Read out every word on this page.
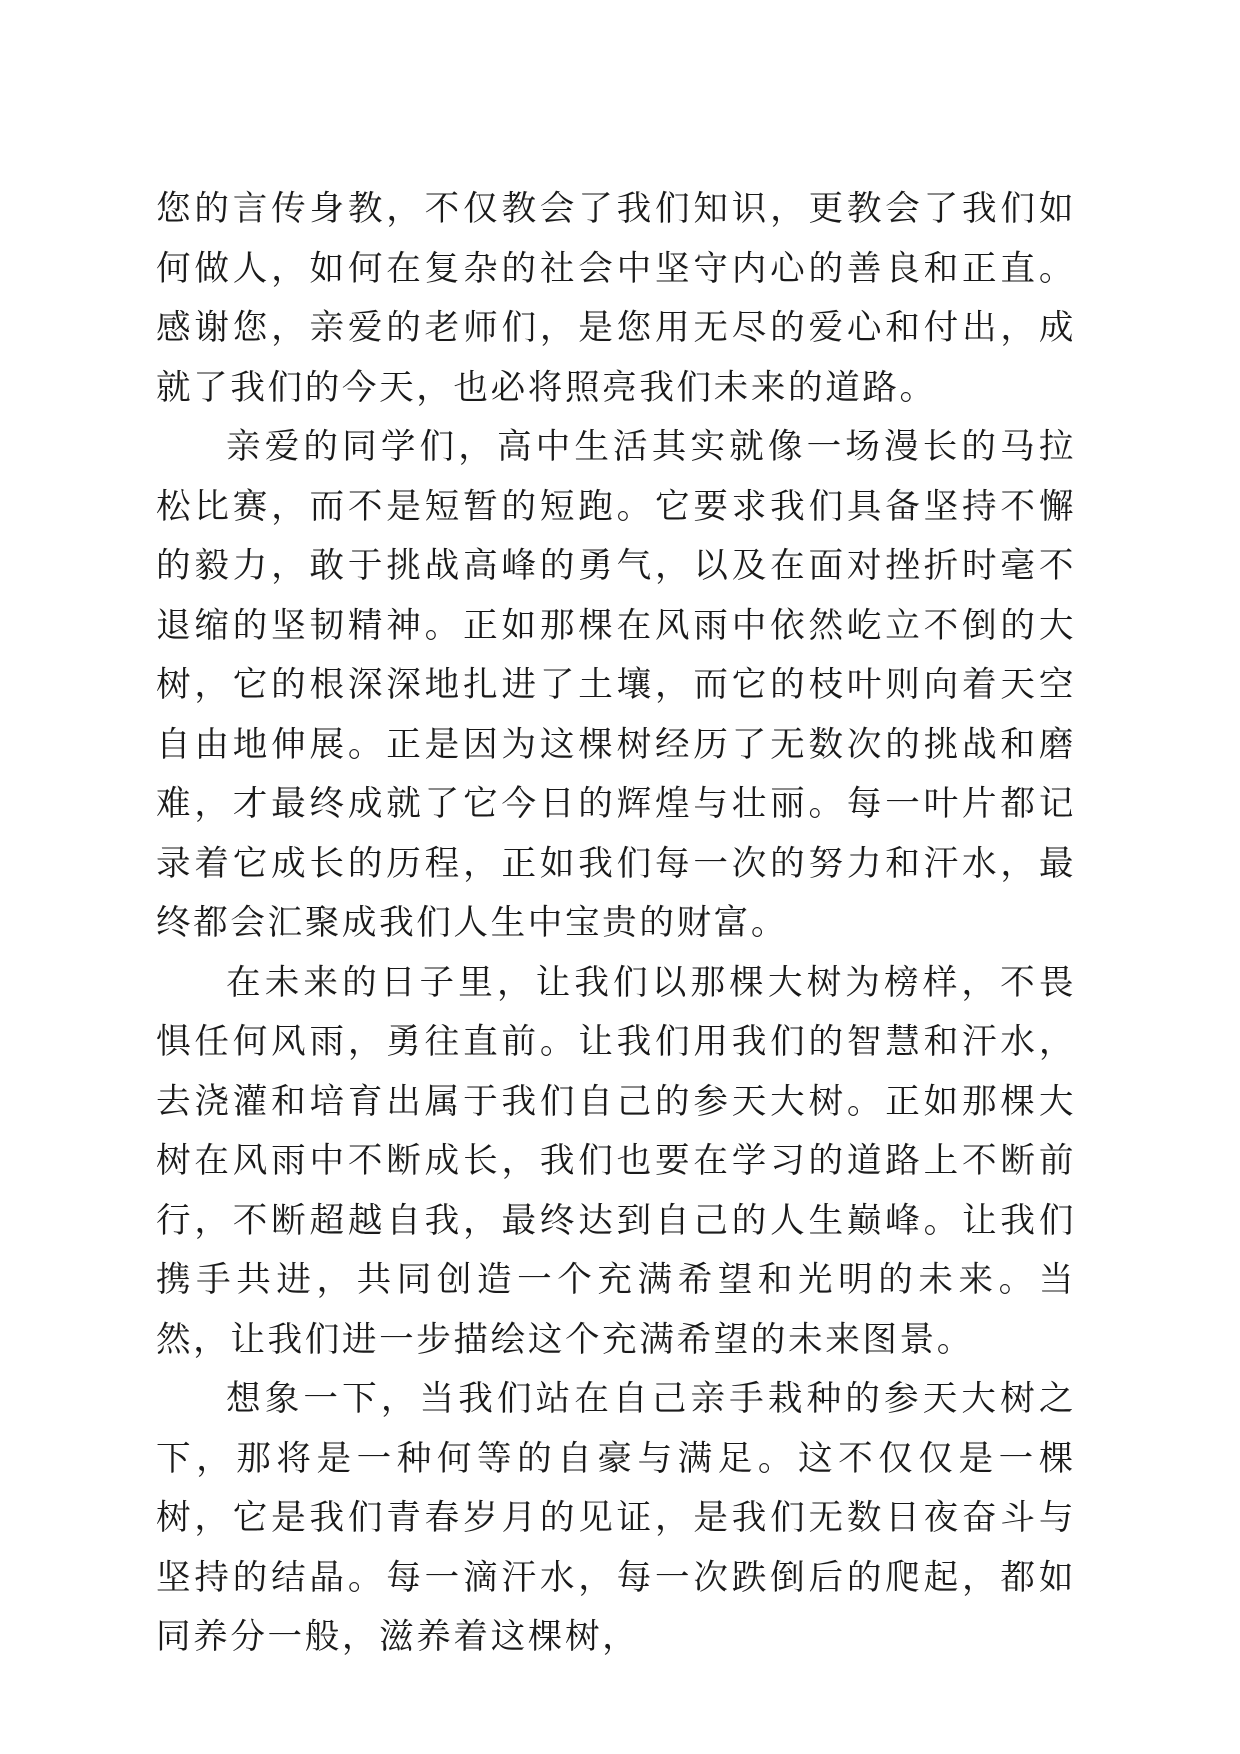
您的言传身教，不仅教会了我们知识，更教会了我们如何做人，如何在复杂的社会中坚守内心的善良和正直。感谢您，亲爱的老师们，是您用无尽的爱心和付出，成就了我们的今天，也必将照亮我们未来的道路。

亲爱的同学们，高中生活其实就像一场漫长的马拉松比赛，而不是短暂的短跑。它要求我们具备坚持不懈的毅力，敢于挑战高峰的勇气，以及在面对挫折时毫不退缩的坚韧精神。正如那棵在风雨中依然屹立不倒的大树，它的根深深地扎进了土壤，而它的枝叶则向着天空自由地伸展。正是因为这棵树经历了无数次的挑战和磨难，才最终成就了它今日的辉煌与壮丽。每一叶片都记录着它成长的历程，正如我们每一次的努力和汗水，最终都会汇聚成我们人生中宝贵的财富。

在未来的日子里，让我们以那棵大树为榜样，不畏惧任何风雨，勇往直前。让我们用我们的智慧和汗水，去浇灌和培育出属于我们自己的参天大树。正如那棵大树在风雨中不断成长，我们也要在学习的道路上不断前行，不断超越自我，最终达到自己的人生巅峰。让我们携手共进，共同创造一个充满希望和光明的未来。当然，让我们进一步描绘这个充满希望的未来图景。

想象一下，当我们站在自己亲手栽种的参天大树之下，那将是一种何等的自豪与满足。这不仅仅是一棵树，它是我们青春岁月的见证，是我们无数日夜奋斗与坚持的结晶。每一滴汗水，每一次跌倒后的爬起，都如同养分一般，滋养着这棵树，
